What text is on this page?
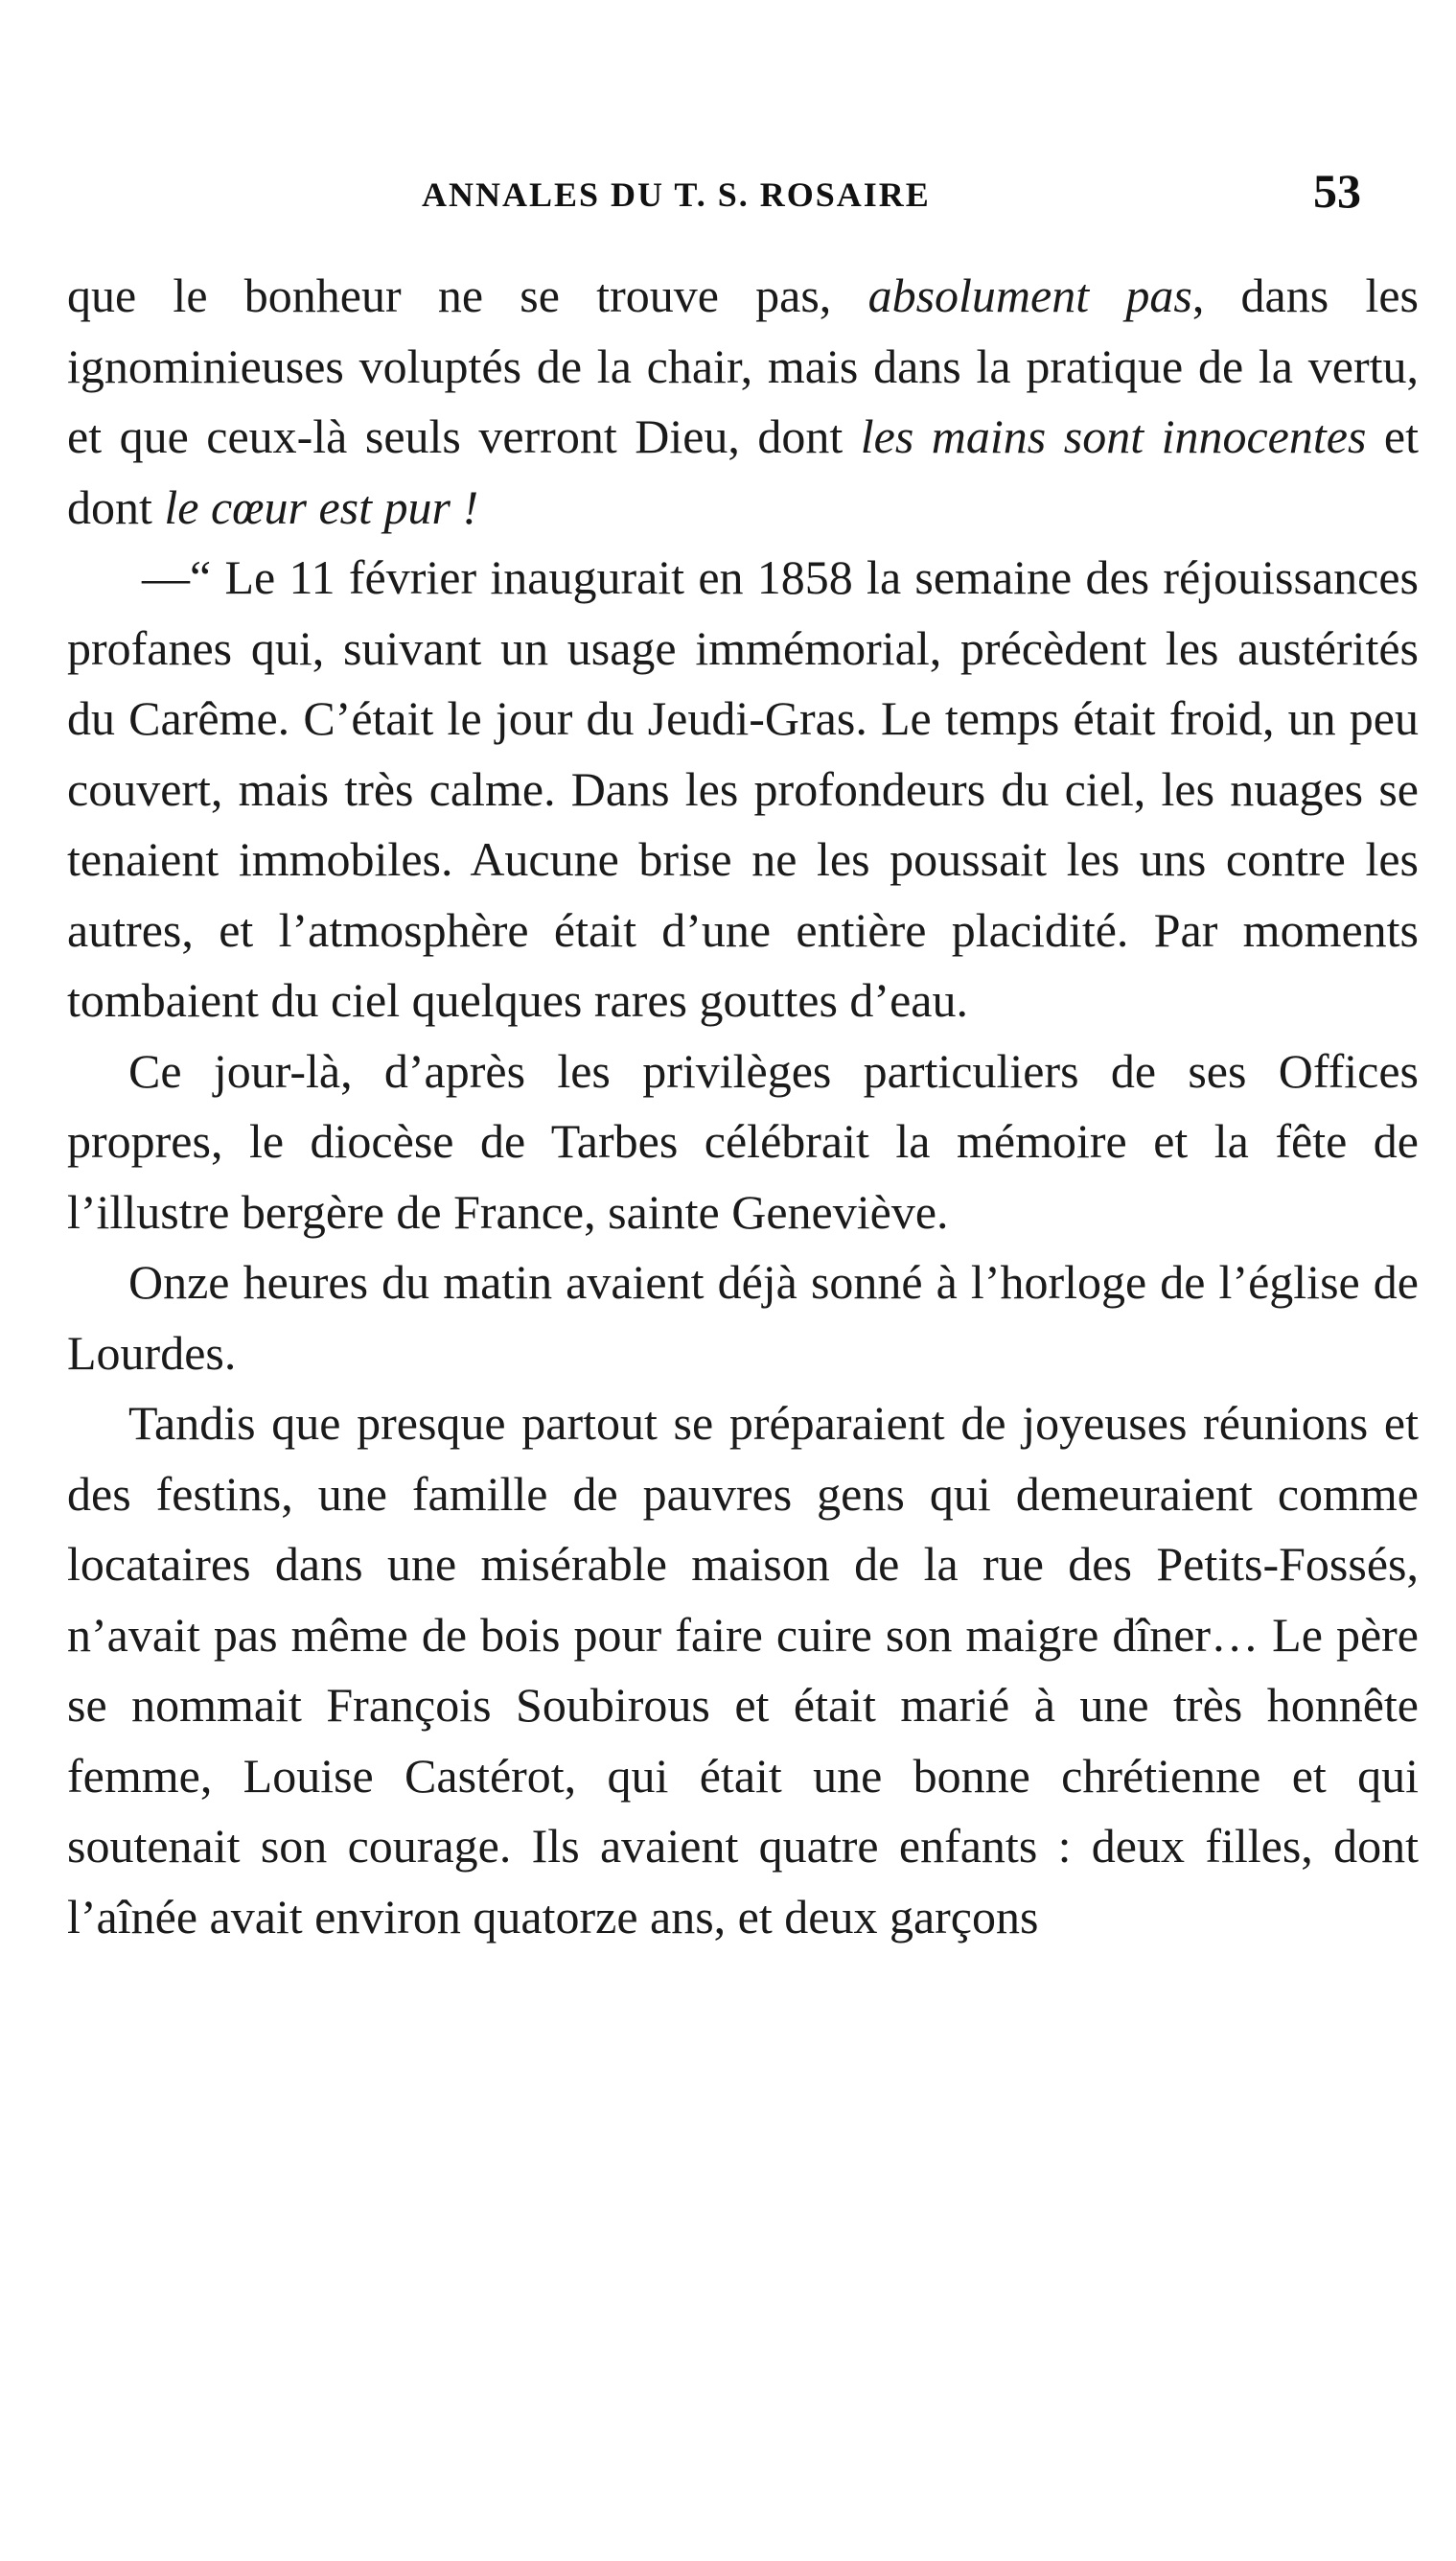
ANNALES DU T. S. ROSAIRE	53

que le bonheur ne se trouve pas, absolument pas, dans les ignominieuses voluptés de la chair, mais dans la pratique de la vertu, et que ceux-là seuls verront Dieu, dont les mains sont innocentes et dont le cœur est pur !

—“ Le 11 février inaugurait en 1858 la semaine des réjouissances profanes qui, suivant un usage immémorial, précèdent les austérités du Carême. C’était le jour du Jeudi-Gras. Le temps était froid, un peu couvert, mais très calme. Dans les profondeurs du ciel, les nuages se tenaient immobiles. Aucune brise ne les poussait les uns contre les autres, et l’atmosphère était d’une entière placidité. Par moments tombaient du ciel quelques rares gouttes d’eau.

Ce jour-là, d’après les privilèges particuliers de ses Offices propres, le diocèse de Tarbes célébrait la mémoire et la fête de l’illustre bergère de France, sainte Geneviève.

Onze heures du matin avaient déjà sonné à l’horloge de l’église de Lourdes.

Tandis que presque partout se préparaient de joyeuses réunions et des festins, une famille de pauvres gens qui demeuraient comme locataires dans une misérable maison de la rue des Petits-Fossés, n’avait pas même de bois pour faire cuire son maigre dîner… Le père se nommait François Soubirous et était marié à une très honnête femme, Louise Castérot, qui était une bonne chrétienne et qui soutenait son courage. Ils avaient quatre enfants : deux filles, dont l’aînée avait environ quatorze ans, et deux garçons
